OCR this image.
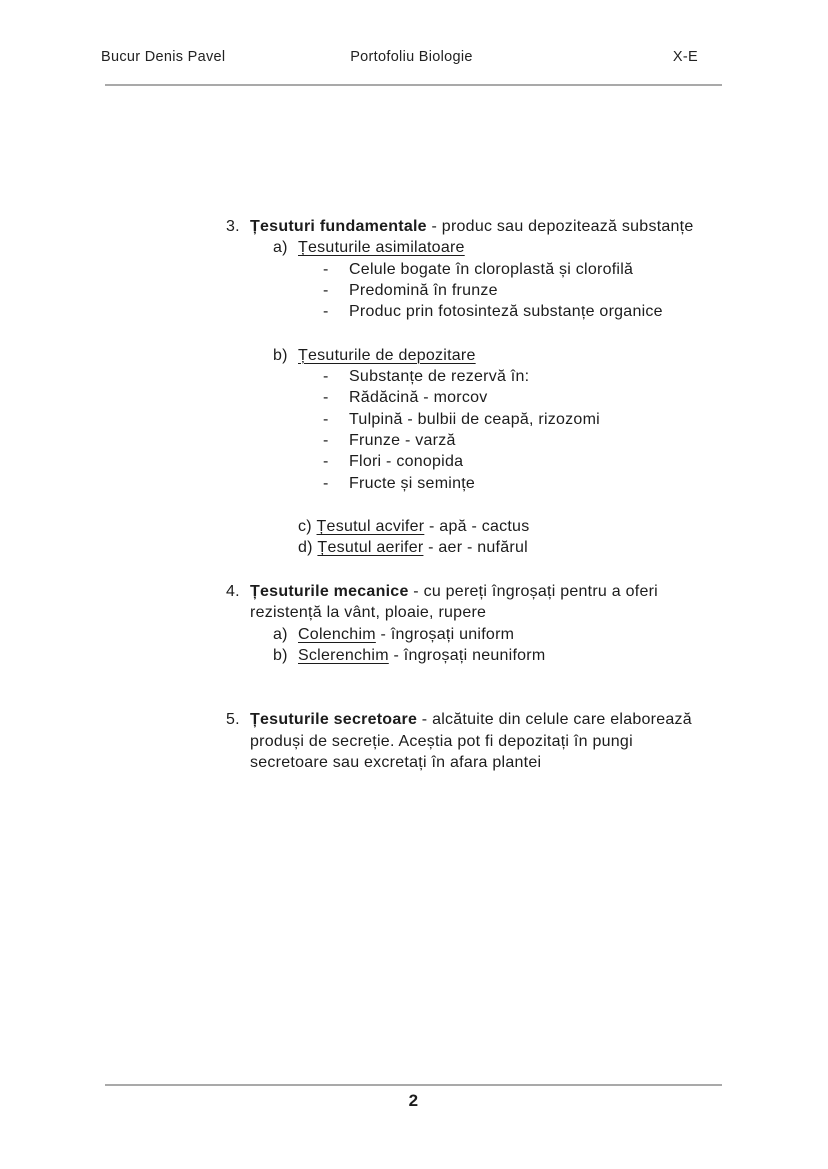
Bucur Denis Pavel	Portofoliu Biologie	X-E
3. Țesuturi fundamentale - produc sau depozitează substanțe
a) Țesuturile asimilatoare
- Celule bogate în cloroplastă și clorofilă
- Predomină în frunze
- Produc prin fotosinteză substanțe organice
b) Țesuturile de depozitare
- Substanțe de rezervă în:
- Rădăcină - morcov
- Tulpină - bulbii de ceapă, rizozomi
- Frunze - varză
- Flori - conopida
- Fructe și semințe
c) Țesutul acvifer - apă - cactus
d) Țesutul aerifer - aer - nufărul
4. Țesuturile mecanice - cu pereți îngroșați pentru a oferi
rezistență la vânt, ploaie, rupere
a) Colenchim - îngroșați uniform
b) Sclerenchim - îngroșați neuniform
5. Țesuturile secretoare - alcătuite din celule care elaborează
produși de secreție. Aceștia pot fi depozitați în pungi
secretoare sau excretați în afara plantei
2
